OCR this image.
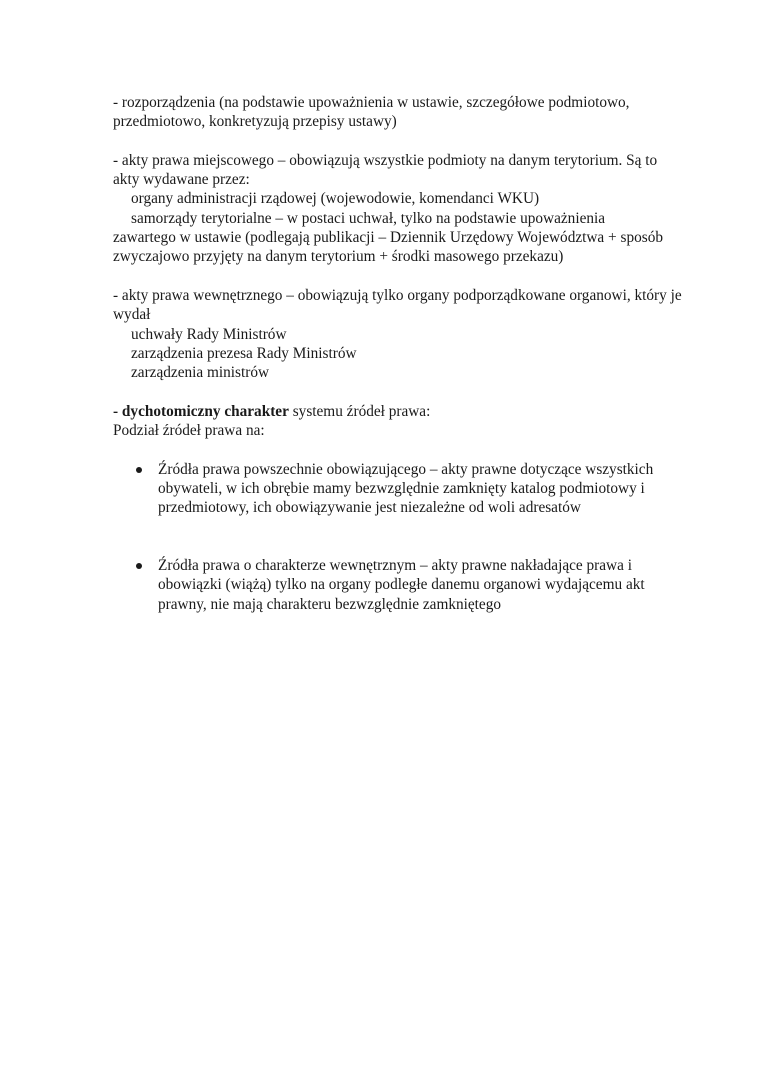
- rozporządzenia (na podstawie upoważnienia w ustawie, szczegółowe podmiotowo, przedmiotowo, konkretyzują przepisy ustawy)

- akty prawa miejscowego – obowiązują wszystkie podmioty na danym terytorium. Są to akty wydawane przez:

organy administracji rządowej (wojewodowie, komendanci WKU)

samorządy terytorialne – w postaci uchwał, tylko na podstawie upoważnienia

zawartego w ustawie (podlegają publikacji – Dziennik Urzędowy Województwa + sposób zwyczajowo przyjęty na danym terytorium + środki masowego przekazu)

- akty prawa wewnętrznego – obowiązują tylko organy podporządkowane organowi, który je wydał

uchwały Rady Ministrów

zarządzenia prezesa Rady Ministrów

zarządzenia ministrów

- dychotomiczny charakter systemu źródeł prawa:

Podział źródeł prawa na:

Źródła prawa powszechnie obowiązującego – akty prawne dotyczące wszystkich obywateli, w ich obrębie mamy bezwzględnie zamknięty katalog podmiotowy i przedmiotowy, ich obowiązywanie jest niezależne od woli adresatów
Źródła prawa o charakterze wewnętrznym – akty prawne nakładające prawa i obowiązki (wiążą) tylko na organy podległe danemu organowi wydającemu akt prawny, nie mają charakteru bezwzględnie zamkniętego
